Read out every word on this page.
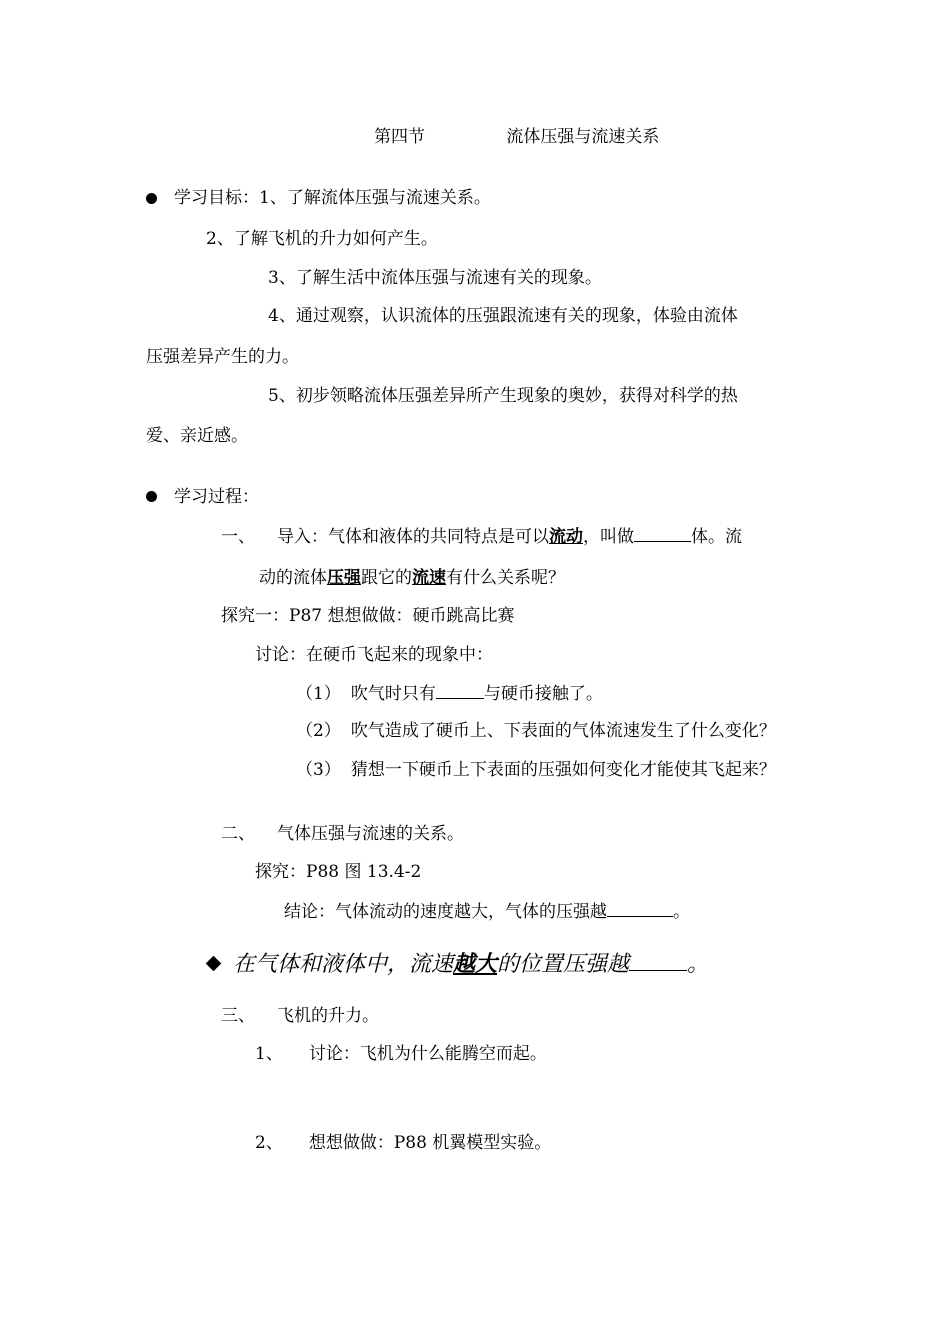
第四节	流体压强与流速关系
学习目标：1、了解流体压强与流速关系。
2、了解飞机的升力如何产生。
3、了解生活中流体压强与流速有关的现象。
4、通过观察，认识流体的压强跟流速有关的现象，体验由流体
压强差异产生的力。
5、初步领略流体压强差异所产生现象的奥妙，获得对科学的热
爱、亲近感。
学习过程：
一、 导入：气体和液体的共同特点是可以流动，叫做	体。流
动的流体压强跟它的流速有什么关系呢？
探究一：P87 想想做做：硬币跳高比赛
讨论：在硬币飞起来的现象中：
（1） 吹气时只有	与硬币接触了。
（2） 吹气造成了硬币上、下表面的气体流速发生了什么变化？
（3） 猜想一下硬币上下表面的压强如何变化才能使其飞起来？
二、 气体压强与流速的关系。
探究：P88 图 13.4-2
结论：气体流动的速度越大，气体的压强越	。
在气体和液体中，流速越大的位置压强越	。
三、 飞机的升力。
1、 讨论：飞机为什么能腾空而起。
2、 想想做做：P88 机翼模型实验。
